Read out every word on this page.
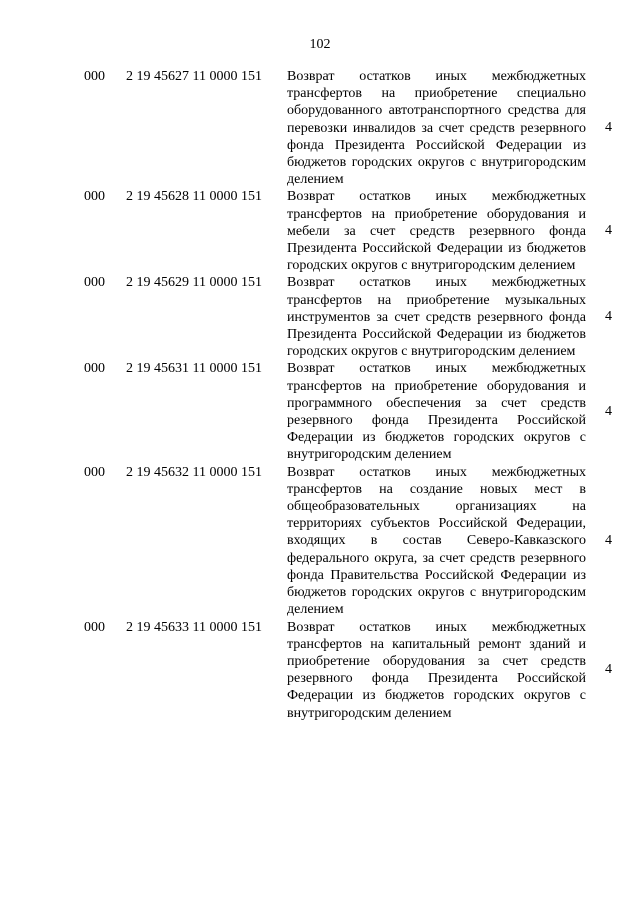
102
000 2 19 45627 11 0000 151 Возврат остатков иных межбюджетных трансфертов на приобретение специально оборудованного автотранспортного средства для перевозки инвалидов за счет средств резервного фонда Президента Российской Федерации из бюджетов городских округов с внутригородским делением
4
000 2 19 45628 11 0000 151 Возврат остатков иных межбюджетных трансфертов на приобретение оборудования и мебели за счет средств резервного фонда Президента Российской Федерации из бюджетов городских округов с внутригородским делением
4
000 2 19 45629 11 0000 151 Возврат остатков иных межбюджетных трансфертов на приобретение музыкальных инструментов за счет средств резервного фонда Президента Российской Федерации из бюджетов городских округов с внутригородским делением
4
000 2 19 45631 11 0000 151 Возврат остатков иных межбюджетных трансфертов на приобретение оборудования и программного обеспечения за счет средств резервного фонда Президента Российской Федерации из бюджетов городских округов с внутригородским делением
4
000 2 19 45632 11 0000 151 Возврат остатков иных межбюджетных трансфертов на создание новых мест в общеобразовательных организациях на территориях субъектов Российской Федерации, входящих в состав Северо-Кавказского федерального округа, за счет средств резервного фонда Правительства Российской Федерации из бюджетов городских округов с внутригородским делением
4
000 2 19 45633 11 0000 151 Возврат остатков иных межбюджетных трансфертов на капитальный ремонт зданий и приобретение оборудования за счет средств резервного фонда Президента Российской Федерации из бюджетов городских округов с внутригородским делением
4
